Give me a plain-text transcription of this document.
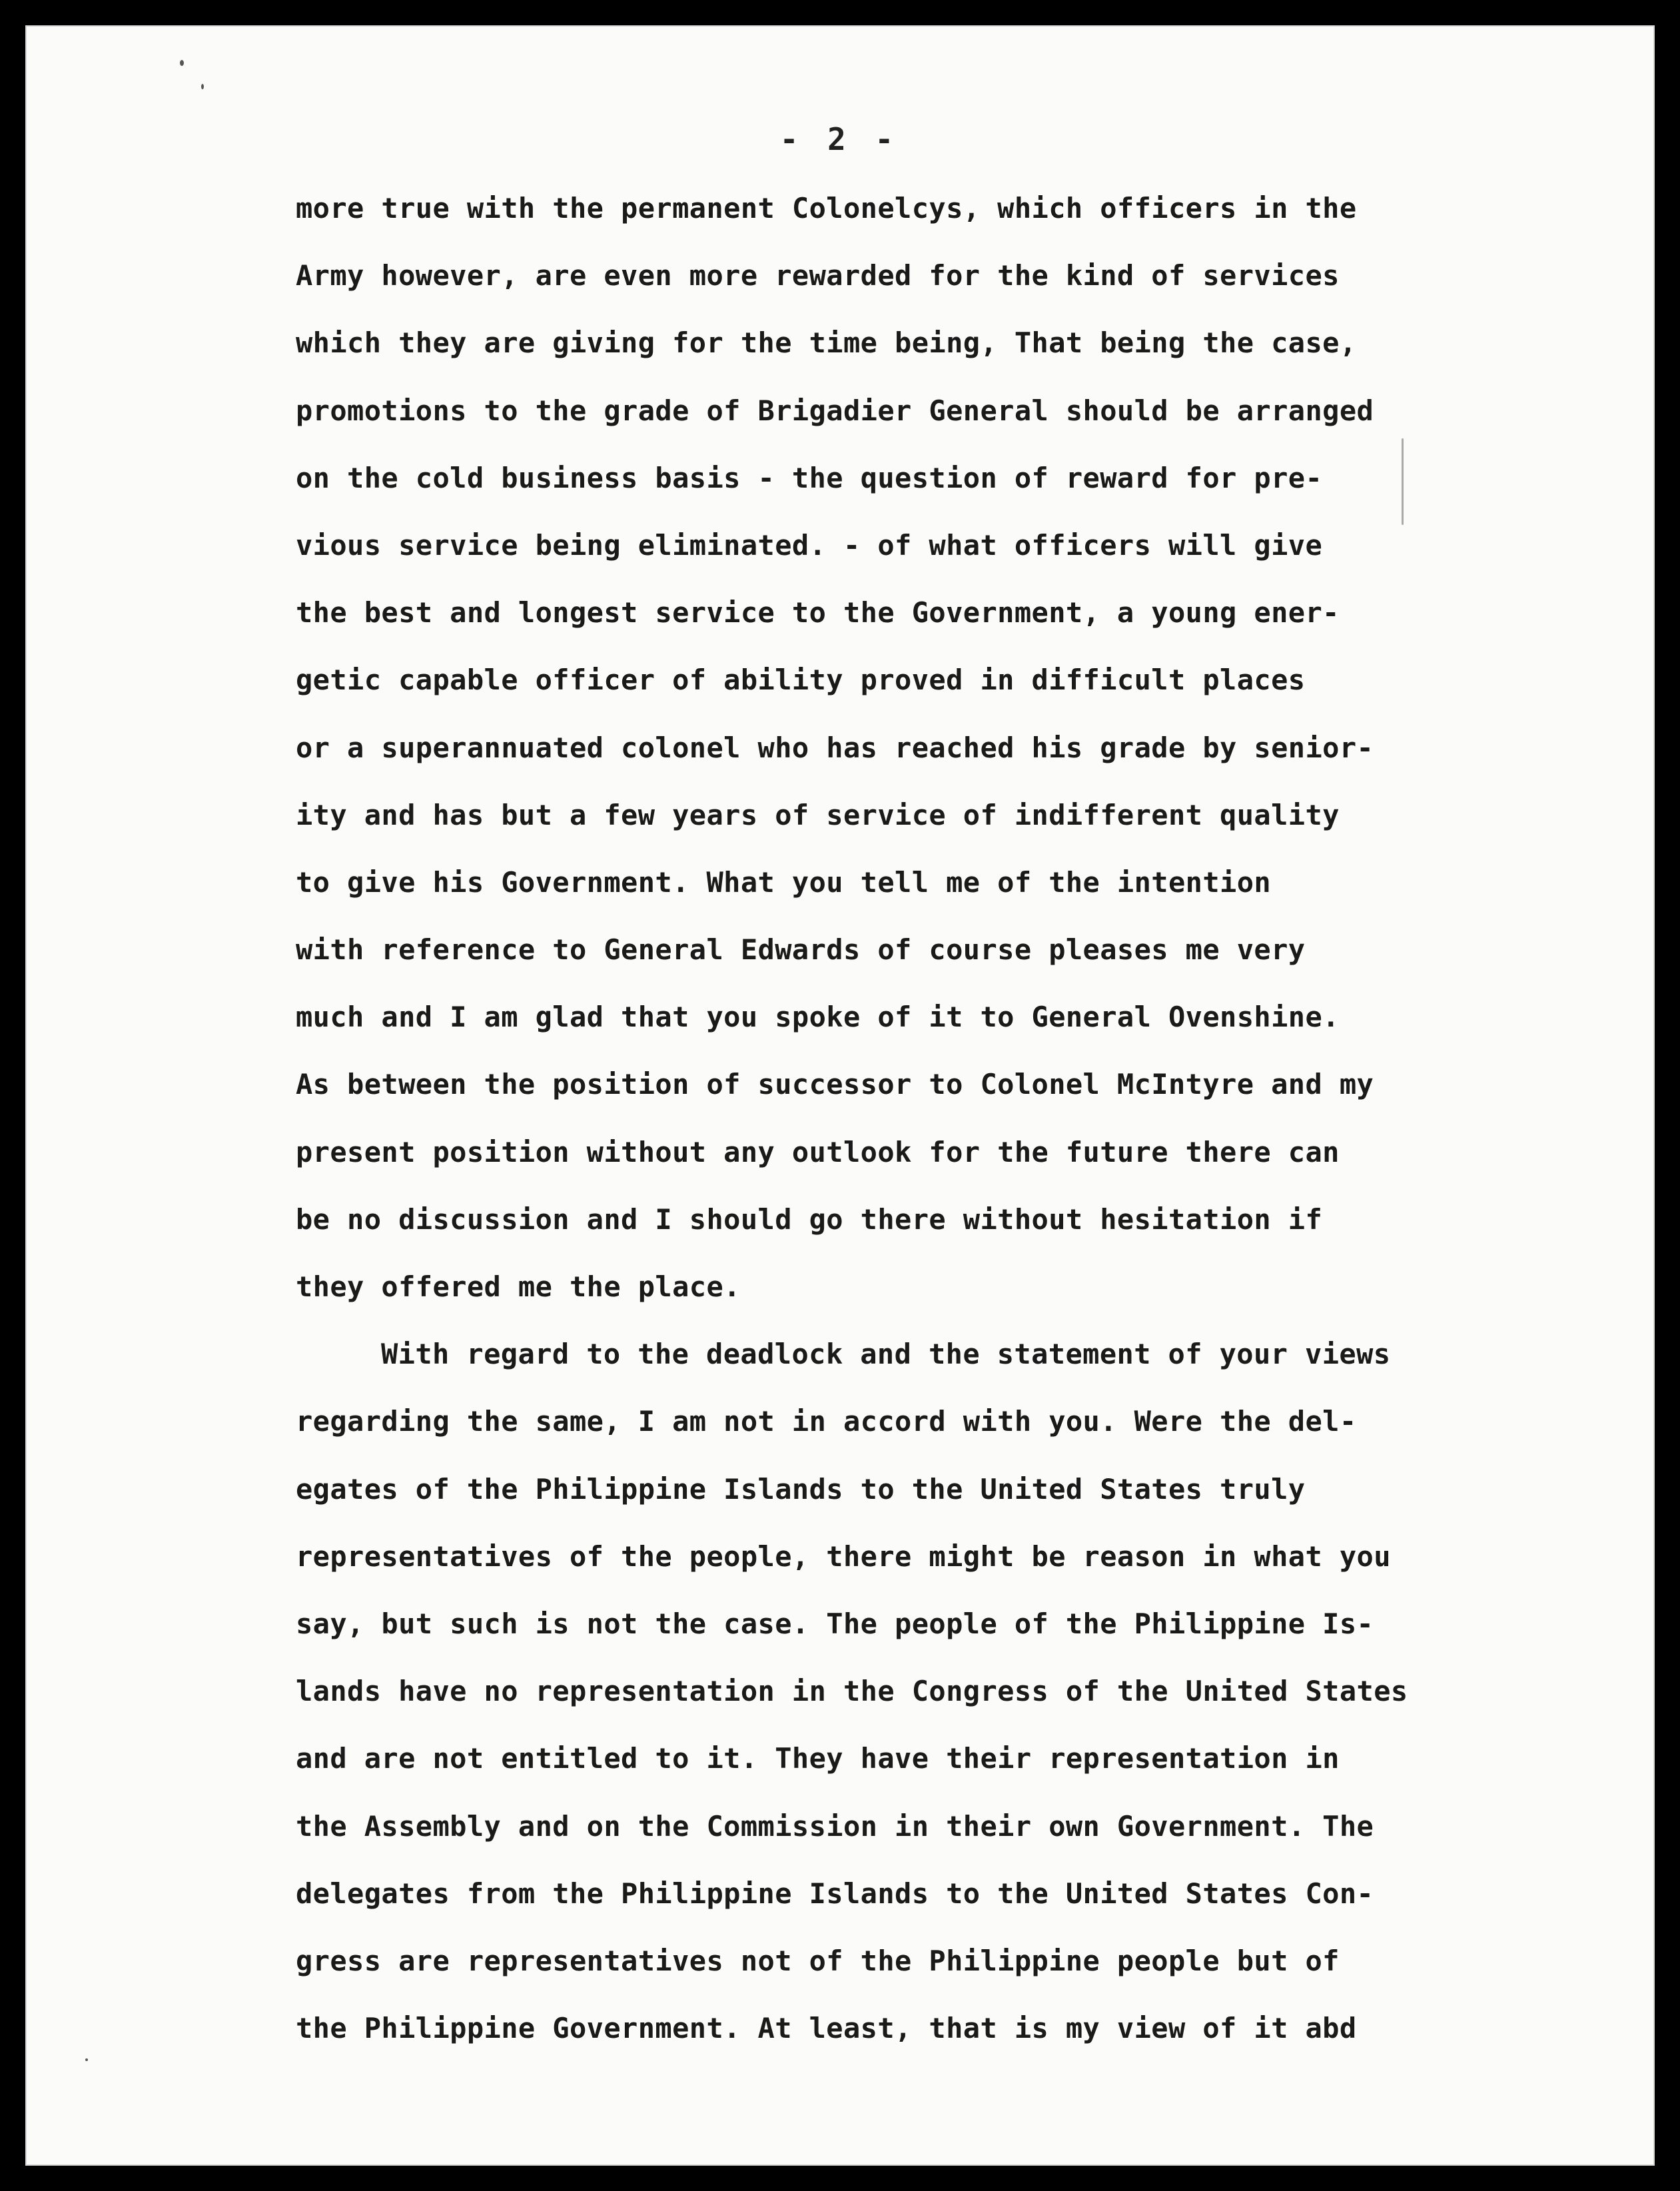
- 2 -

more true with the permanent Colonelcys, which officers in the
Army however, are even more rewarded for the kind of services
which they are giving for the time being, That being the case,
promotions to the grade of Brigadier General should be arranged
on the cold business basis - the question of reward for pre-
vious service being eliminated. - of what officers will give
the best and longest service to the Government, a young ener-
getic capable officer of ability proved in difficult places
or a superannuated colonel who has reached his grade by senior-
ity and has but a few years of service of indifferent quality
to give his Government. What you tell me of the intention
with reference to General Edwards of course pleases me very
much and I am glad that you spoke of it to General Ovenshine.
As between the position of successor to Colonel McIntyre and my
present position without any outlook for the future there can
be no discussion and I should go there without hesitation if
they offered me the place.
With regard to the deadlock and the statement of your views
regarding the same, I am not in accord with you. Were the del-
egates of the Philippine Islands to the United States truly
representatives of the people, there might be reason in what you
say, but such is not the case. The people of the Philippine Is-
lands have no representation in the Congress of the United States
and are not entitled to it. They have their representation in
the Assembly and on the Commission in their own Government. The
delegates from the Philippine Islands to the United States Con-
gress are representatives not of the Philippine people but of
the Philippine Government. At least, that is my view of it abd
